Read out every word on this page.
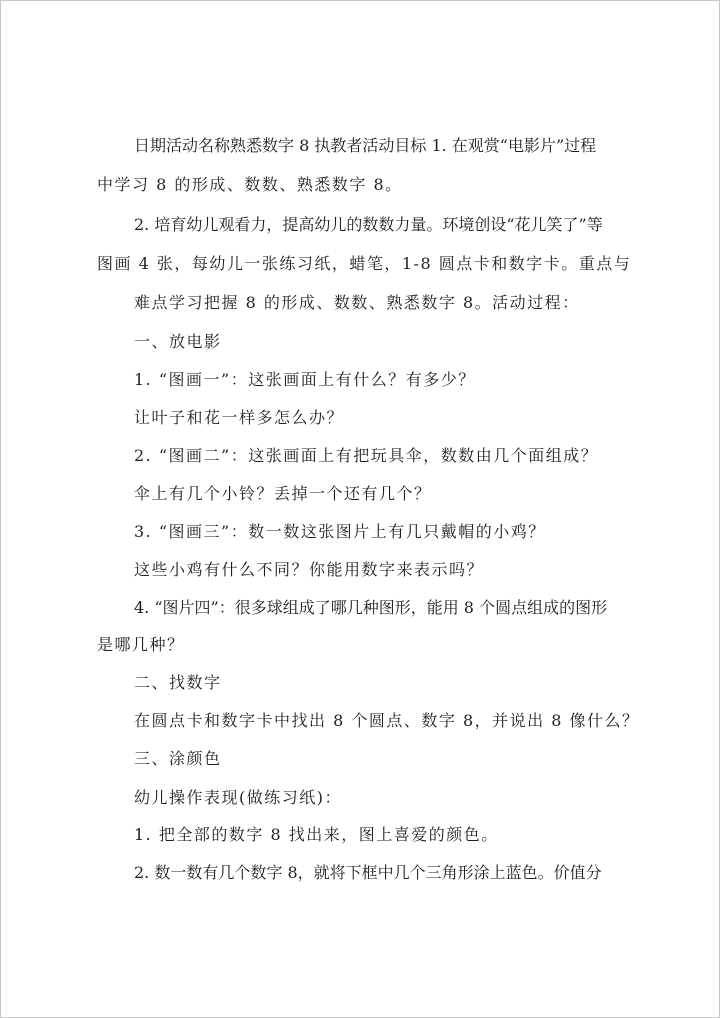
日期活动名称熟悉数字 8 执教者活动目标 1. 在观赏“电影片”过程
中学习 8 的形成、数数、熟悉数字 8。
2. 培育幼儿观看力，提高幼儿的数数力量。环境创设“花儿笑了”等
图画 4 张，每幼儿一张练习纸，蜡笔，1-8 圆点卡和数字卡。重点与
难点学习把握 8 的形成、数数、熟悉数字 8。活动过程：
一、放电影
1. “图画一”：这张画面上有什么？有多少？
让叶子和花一样多怎么办？
2. “图画二”：这张画面上有把玩具伞，数数由几个面组成？
伞上有几个小铃？丢掉一个还有几个？
3. “图画三”：数一数这张图片上有几只戴帽的小鸡？
这些小鸡有什么不同？你能用数字来表示吗？
4. “图片四”：很多球组成了哪几种图形，能用 8 个圆点组成的图形
是哪几种？
二、找数字
在圆点卡和数字卡中找出 8 个圆点、数字 8，并说出 8 像什么？
三、涂颜色
幼儿操作表现(做练习纸)：
1. 把全部的数字 8 找出来，图上喜爱的颜色。
2. 数一数有几个数字 8，就将下框中几个三角形涂上蓝色。价值分
